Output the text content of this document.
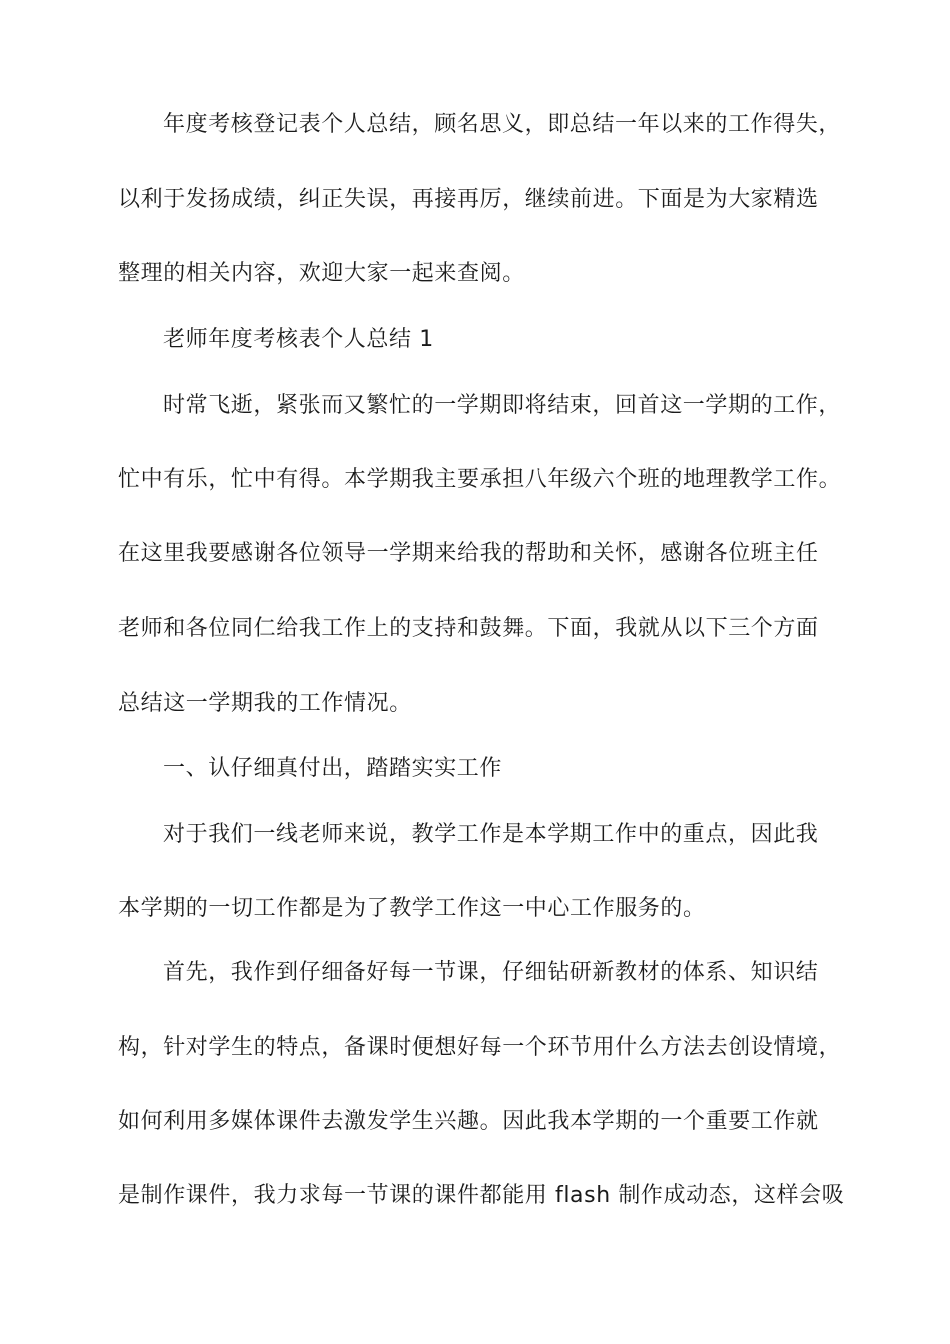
年度考核登记表个人总结，顾名思义，即总结一年以来的工作得失，

以利于发扬成绩，纠正失误，再接再厉，继续前进。下面是为大家精选

整理的相关内容，欢迎大家一起来查阅。

老师年度考核表个人总结 1

时常飞逝，紧张而又繁忙的一学期即将结束，回首这一学期的工作，

忙中有乐，忙中有得。本学期我主要承担八年级六个班的地理教学工作。

在这里我要感谢各位领导一学期来给我的帮助和关怀，感谢各位班主任

老师和各位同仁给我工作上的支持和鼓舞。下面，我就从以下三个方面

总结这一学期我的工作情况。

一、认仔细真付出，踏踏实实工作

对于我们一线老师来说，教学工作是本学期工作中的重点，因此我

本学期的一切工作都是为了教学工作这一中心工作服务的。

首先，我作到仔细备好每一节课，仔细钻研新教材的体系、知识结

构，针对学生的特点，备课时便想好每一个环节用什么方法去创设情境，

如何利用多媒体课件去激发学生兴趣。因此我本学期的一个重要工作就

是制作课件，我力求每一节课的课件都能用 flash 制作成动态，这样会吸
